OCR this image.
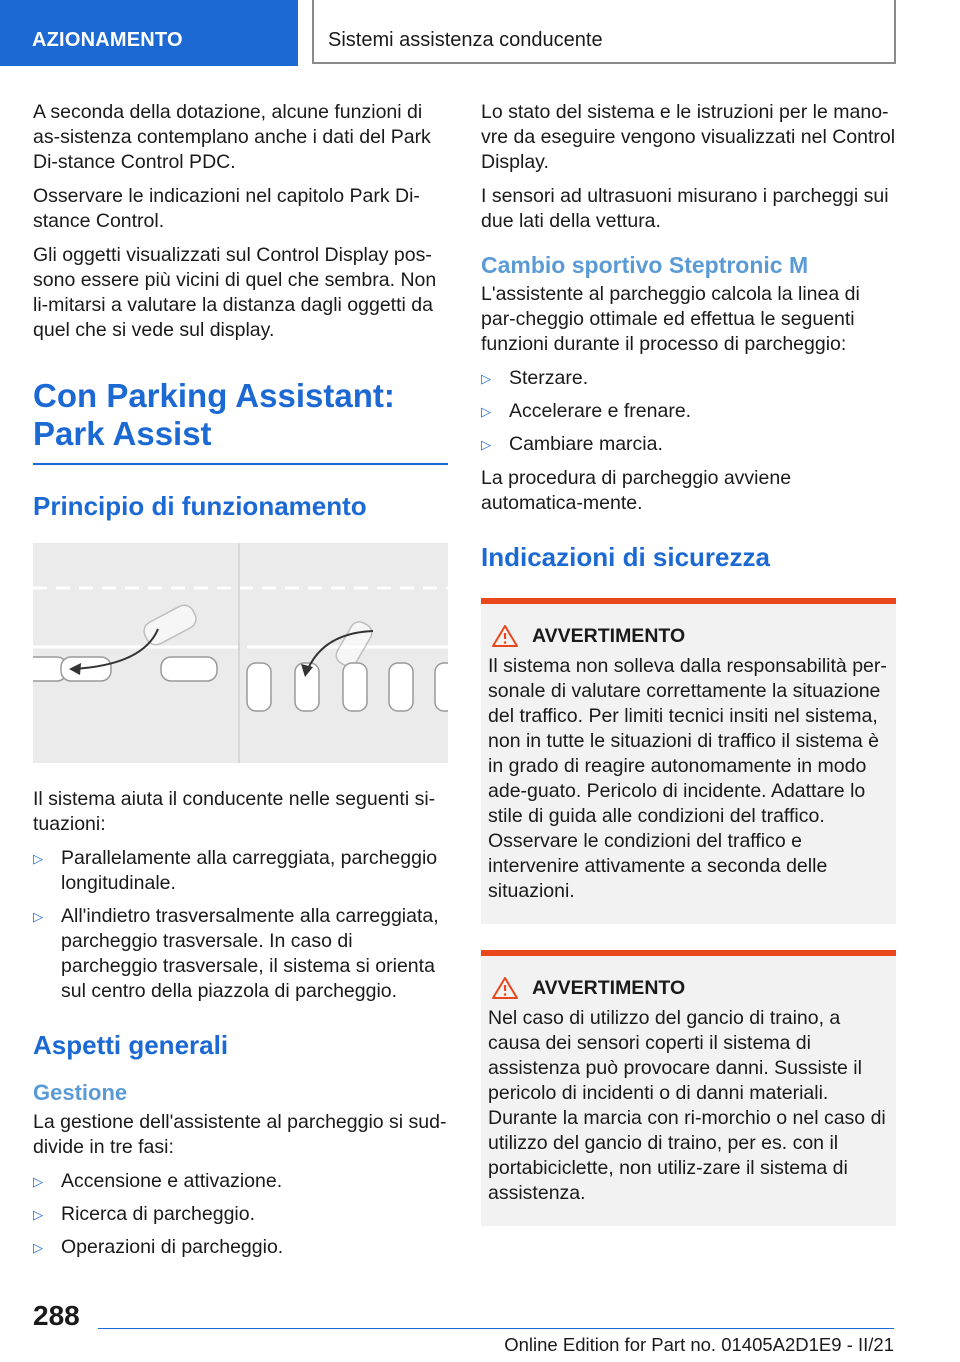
AZIONAMENTO	Sistemi assistenza conducente

A seconda della dotazione, alcune funzioni di as-sistenza contemplano anche i dati del Park Di-stance Control PDC.

Osservare le indicazioni nel capitolo Park Di-stance Control.

Gli oggetti visualizzati sul Control Display pos-sono essere più vicini di quel che sembra. Non li-mitarsi a valutare la distanza dagli oggetti da quel che si vede sul display.

Con Parking Assistant: Park Assist
Principio di funzionamento

Il sistema aiuta il conducente nelle seguenti si-tuazioni:

▷ Parallelamente alla carreggiata, parcheggio longitudinale.
▷ All'indietro trasversalmente alla carreggiata, parcheggio trasversale. In caso di parcheggio trasversale, il sistema si orienta sul centro della piazzola di parcheggio.
Aspetti generali
Gestione

La gestione dell'assistente al parcheggio si sud-divide in tre fasi:

▷ Accensione e attivazione.
▷ Ricerca di parcheggio.
▷ Operazioni di parcheggio.

Lo stato del sistema e le istruzioni per le mano-vre da eseguire vengono visualizzati nel Control Display.

I sensori ad ultrasuoni misurano i parcheggi sui due lati della vettura.

Cambio sportivo Steptronic M

L'assistente al parcheggio calcola la linea di par-cheggio ottimale ed effettua le seguenti funzioni durante il processo di parcheggio:

▷ Sterzare.
▷ Accelerare e frenare.
▷ Cambiare marcia.

La procedura di parcheggio avviene automatica-mente.

Indicazioni di sicurezza
AVVERTIMENTO

Il sistema non solleva dalla responsabilità per-sonale di valutare correttamente la situazione del traffico. Per limiti tecnici insiti nel sistema, non in tutte le situazioni di traffico il sistema è in grado di reagire autonomamente in modo ade-guato. Pericolo di incidente. Adattare lo stile di guida alle condizioni del traffico. Osservare le condizioni del traffico e intervenire attivamente a seconda delle situazioni.

AVVERTIMENTO

Nel caso di utilizzo del gancio di traino, a causa dei sensori coperti il sistema di assistenza può provocare danni. Sussiste il pericolo di incidenti o di danni materiali. Durante la marcia con ri-morchio o nel caso di utilizzo del gancio di traino, per es. con il portabiciclette, non utiliz-zare il sistema di assistenza.

288
Online Edition for Part no. 01405A2D1E9 - II/21
